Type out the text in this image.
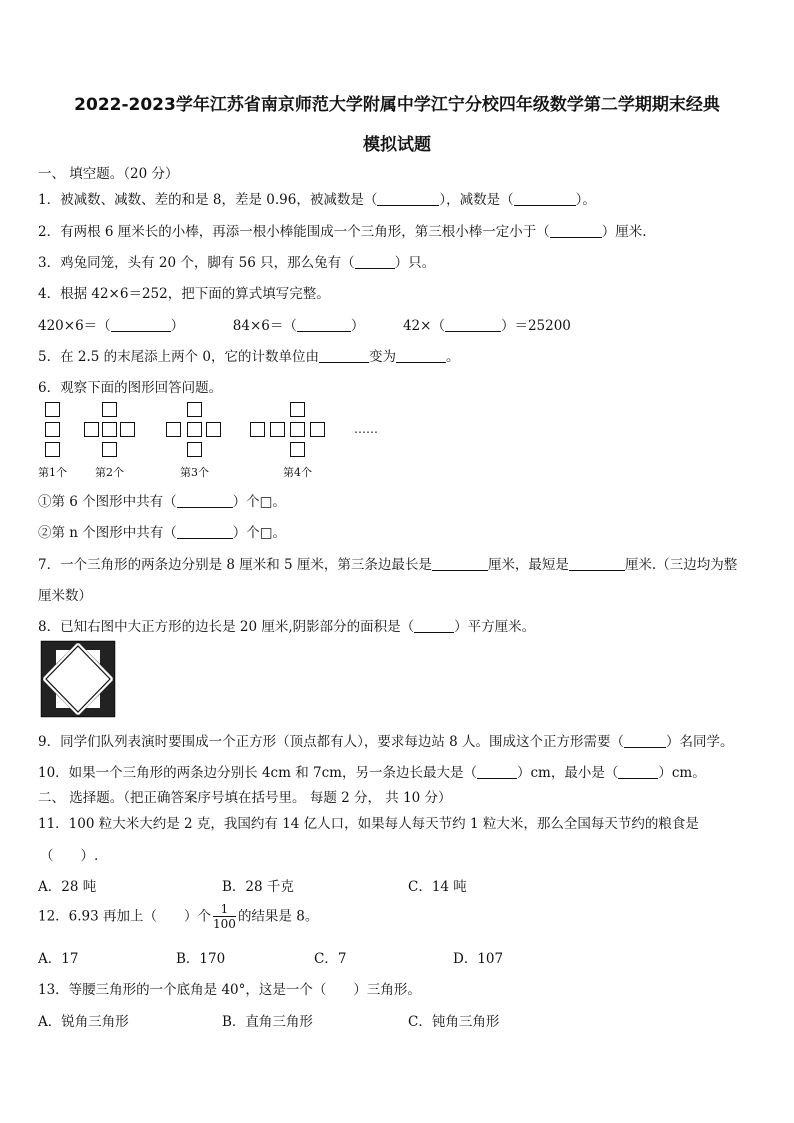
2022-2023学年江苏省南京师范大学附属中学江宁分校四年级数学第二学期期末经典
模拟试题
一、 填空题。（20 分）
1．被减数、减数、差的和是 8，差是 0.96，被减数是（	），减数是（	）。
2．有两根 6 厘米长的小棒，再添一根小棒能围成一个三角形，第三根小棒一定小于（	）厘米.
3．鸡兔同笼，头有 20 个，脚有 56 只，那么兔有（	）只。
4．根据 42×6＝252，把下面的算式填写完整。
420×6＝（	）	84×6＝（	）	42×（	）＝25200
5．在 2.5 的末尾添上两个 0，它的计数单位由	变为	。
6．观察下面的图形回答问题。
……
第1个	第2个	第3个	第4个
①第 6 个图形中共有（	）个□。
②第 n 个图形中共有（	）个□。
7．一个三角形的两条边分别是 8 厘米和 5 厘米，第三条边最长是	厘米，最短是	厘米.（三边均为整
厘米数）
8．已知右图中大正方形的边长是 20 厘米,阴影部分的面积是（	）平方厘米。
9．同学们队列表演时要围成一个正方形（顶点都有人），要求每边站 8 人。围成这个正方形需要（	）名同学。
10．如果一个三角形的两条边分别长 4cm 和 7cm，另一条边长最大是（	）cm，最小是（	）cm。
二、 选择题。（把正确答案序号填在括号里。 每题 2 分， 共 10 分）
11．100 粒大米大约是 2 克，我国约有 14 亿人口，如果每人每天节约 1 粒大米，那么全国每天节约的粮食是
（　　）.
A．28 吨	B．28 千克	C．14 吨
12．6.93 再加上（　　）个 $\frac{1}{100}$ 的结果是 8。
A．17	B．170	C．7	D．107
13．等腰三角形的一个底角是 40°，这是一个（　　）三角形。
A．锐角三角形	B．直角三角形	C．钝角三角形
